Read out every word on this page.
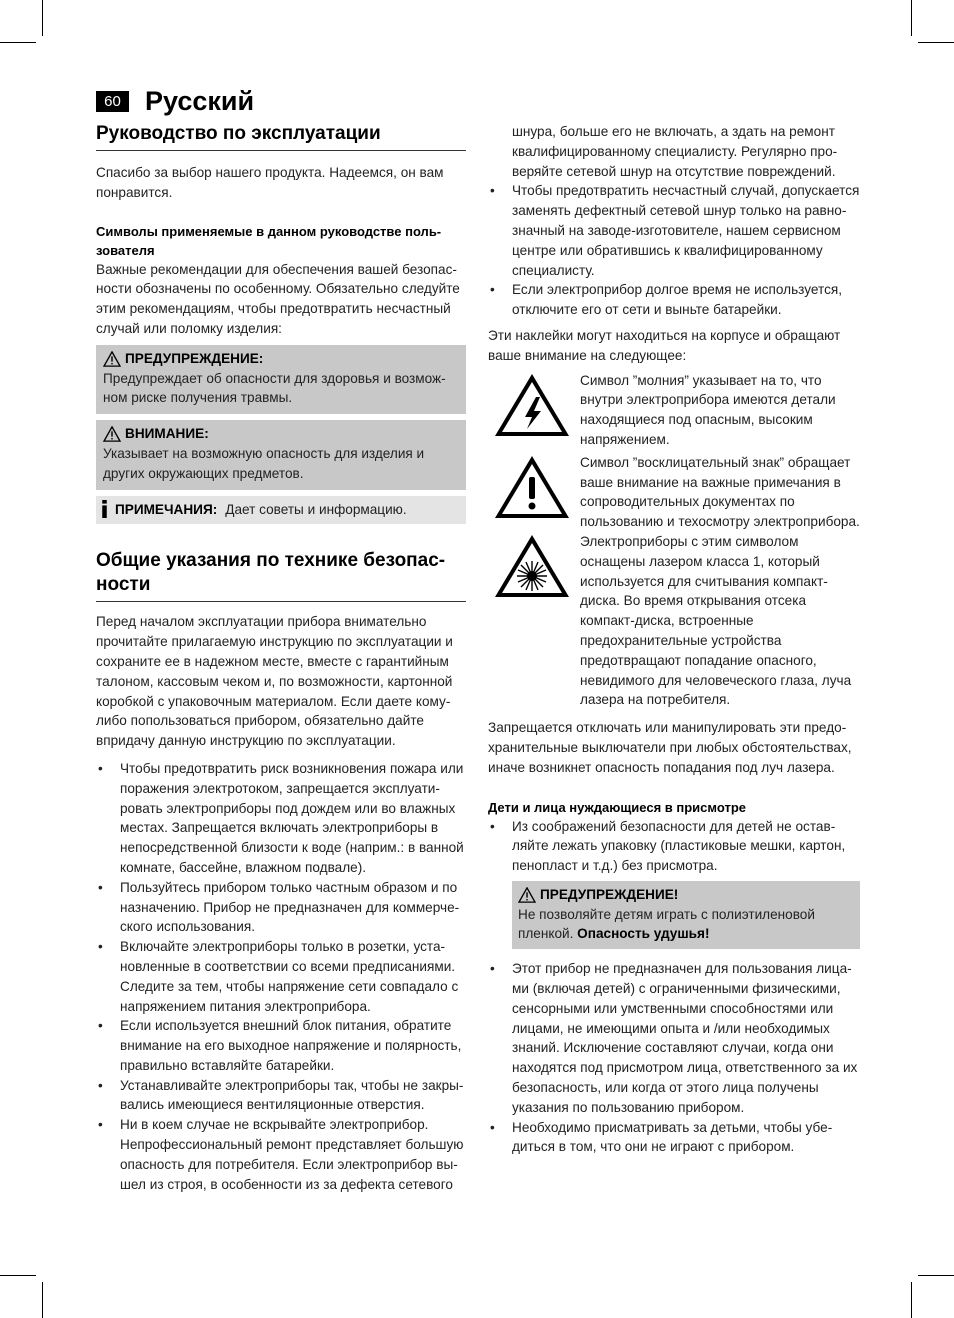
60 Русский
Руководство по эксплуатации

Спасибо за выбор нашего продукта. Надеемся, он вам понравится.

Символы применяемые в данном руководстве поль-зователя

Важные рекомендации для обеспечения вашей безопас-ности обозначены по особенному. Обязательно следуйте этим рекомендациям, чтобы предотвратить несчастный случай или поломку изделия:

ПРЕДУПРЕЖДЕНИЕ:

Предупреждает об опасности для здоровья и возмож-ном риске получения травмы.

ВНИМАНИЕ:

Указывает на возможную опасность для изделия и других окружающих предметов.

ПРИМЕЧАНИЯ: Дает советы и информацию.
Общие указания по технике безопас-ности

Перед началом эксплуатации прибора внимательно прочитайте прилагаемую инструкцию по эксплуатации и сохраните ее в надежном месте, вместе с гарантийным талоном, кассовым чеком и, по возможности, картонной коробкой с упаковочным материалом. Если даете кому-либо попользоваться прибором, обязательно дайте впридачу данную инструкцию по эксплуатации.

• Чтобы предотвратить риск возникновения пожара или поражения электротоком, запрещается эксплуати-ровать электроприборы под дождем или во влажных местах. Запрещается включать электроприборы в непосредственной близости к воде (наприм.: в ванной комнате, бассейне, влажном подвале).
• Пользуйтесь прибором только частным образом и по назначению. Прибор не предназначен для коммерче-ского использования.
• Включайте электроприборы только в розетки, уста-новленные в соответствии со всеми предписаниями. Следите за тем, чтобы напряжение сети совпадало с напряжением питания электроприбора.
• Если используется внешний блок питания, обратите внимание на его выходное напряжение и полярность, правильно вставляйте батарейки.
• Устанавливайте электроприборы так, чтобы не закры-вались имеющиеся вентиляционные отверстия.
• Ни в коем случае не вскрывайте электроприбор. Непрофессиональный ремонт представляет большую опасность для потребителя. Если электроприбор вы-шел из строя, в особенности из за дефекта сетевого
шнура, больше его не включать, а здать на ремонт квалифицированному специалисту. Регулярно про-веряйте сетевой шнур на отсутствие повреждений.
• Чтобы предотвратить несчастный случай, допускается заменять дефектный сетевой шнур только на равно-значный на заводе-изготовителе, нашем сервисном центре или обратившись к квалифицированному специалисту.
• Если электроприбор долгое время не используется, отключите его от сети и выньте батарейки.

Эти наклейки могут находиться на корпусе и обращают ваше внимание на следующее:

Символ ”молния” указывает на то, что внутри электроприбора имеются детали находящиеся под опасным, высоким напряжением.

Символ ”восклицательный знак” обращает ваше внимание на важные примечания в сопроводительных документах по пользованию и техосмотру электроприбора.

Электроприборы с этим символом оснащены лазером класса 1, который используется для считывания компакт-диска. Во время открывания отсека компакт-диска, встроенные предохранительные устройства предотвращают попадание опасного, невидимого для человеческого глаза, луча лазера на потребителя.

Запрещается отключать или манипулировать эти предо-хранительные выключатели при любых обстоятельствах, иначе возникнет опасность попадания под луч лазера.

Дети и лица нуждающиеся в присмотре
• Из соображений безопасности для детей не остав-ляйте лежать упаковку (пластиковые мешки, картон, пенопласт и т.д.) без присмотра.
ПРЕДУПРЕЖДЕНИЕ!

Не позволяйте детям играть с полиэтиленовой пленкой. Опасность удушья!

• Этот прибор не предназначен для пользования лица-ми (включая детей) с ограниченными физическими, сенсорными или умственными способностями или лицами, не имеющими опыта и /или необходимых знаний. Исключение составляют случаи, когда они находятся под присмотром лица, ответственного за их безопасность, или когда от этого лица получены указания по пользованию прибором.
• Необходимо присматривать за детьми, чтобы убе-диться в том, что они не играют с прибором.
